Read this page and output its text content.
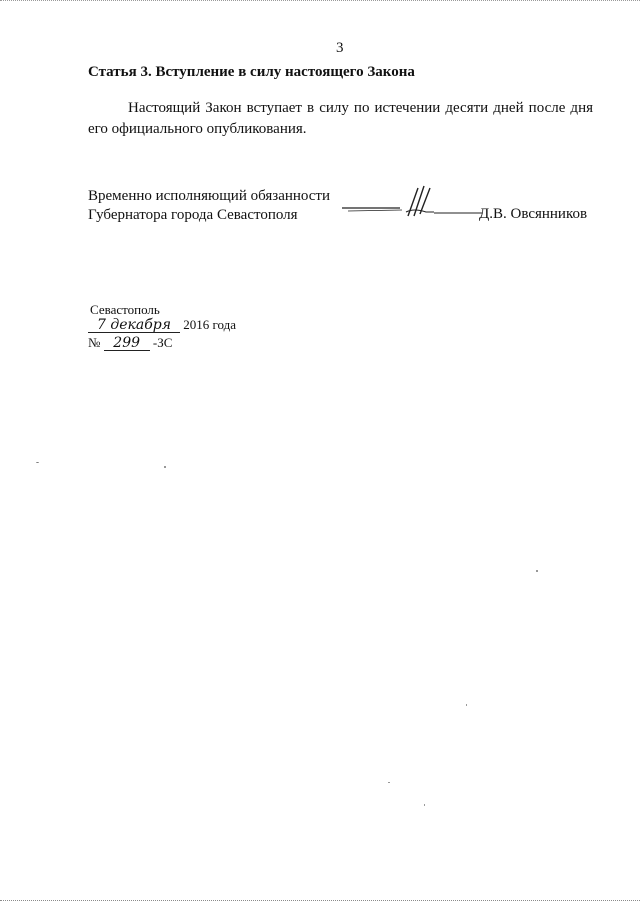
3
Статья 3. Вступление в силу настоящего Закона
Настоящий Закон вступает в силу по истечении десяти дней после дня его официального опубликования.
Временно исполняющий обязанности
Губернатора города Севастополя	Д.В. Овсянников
Севастополь
7 декабря 2016 года
№ 299 -ЗС
